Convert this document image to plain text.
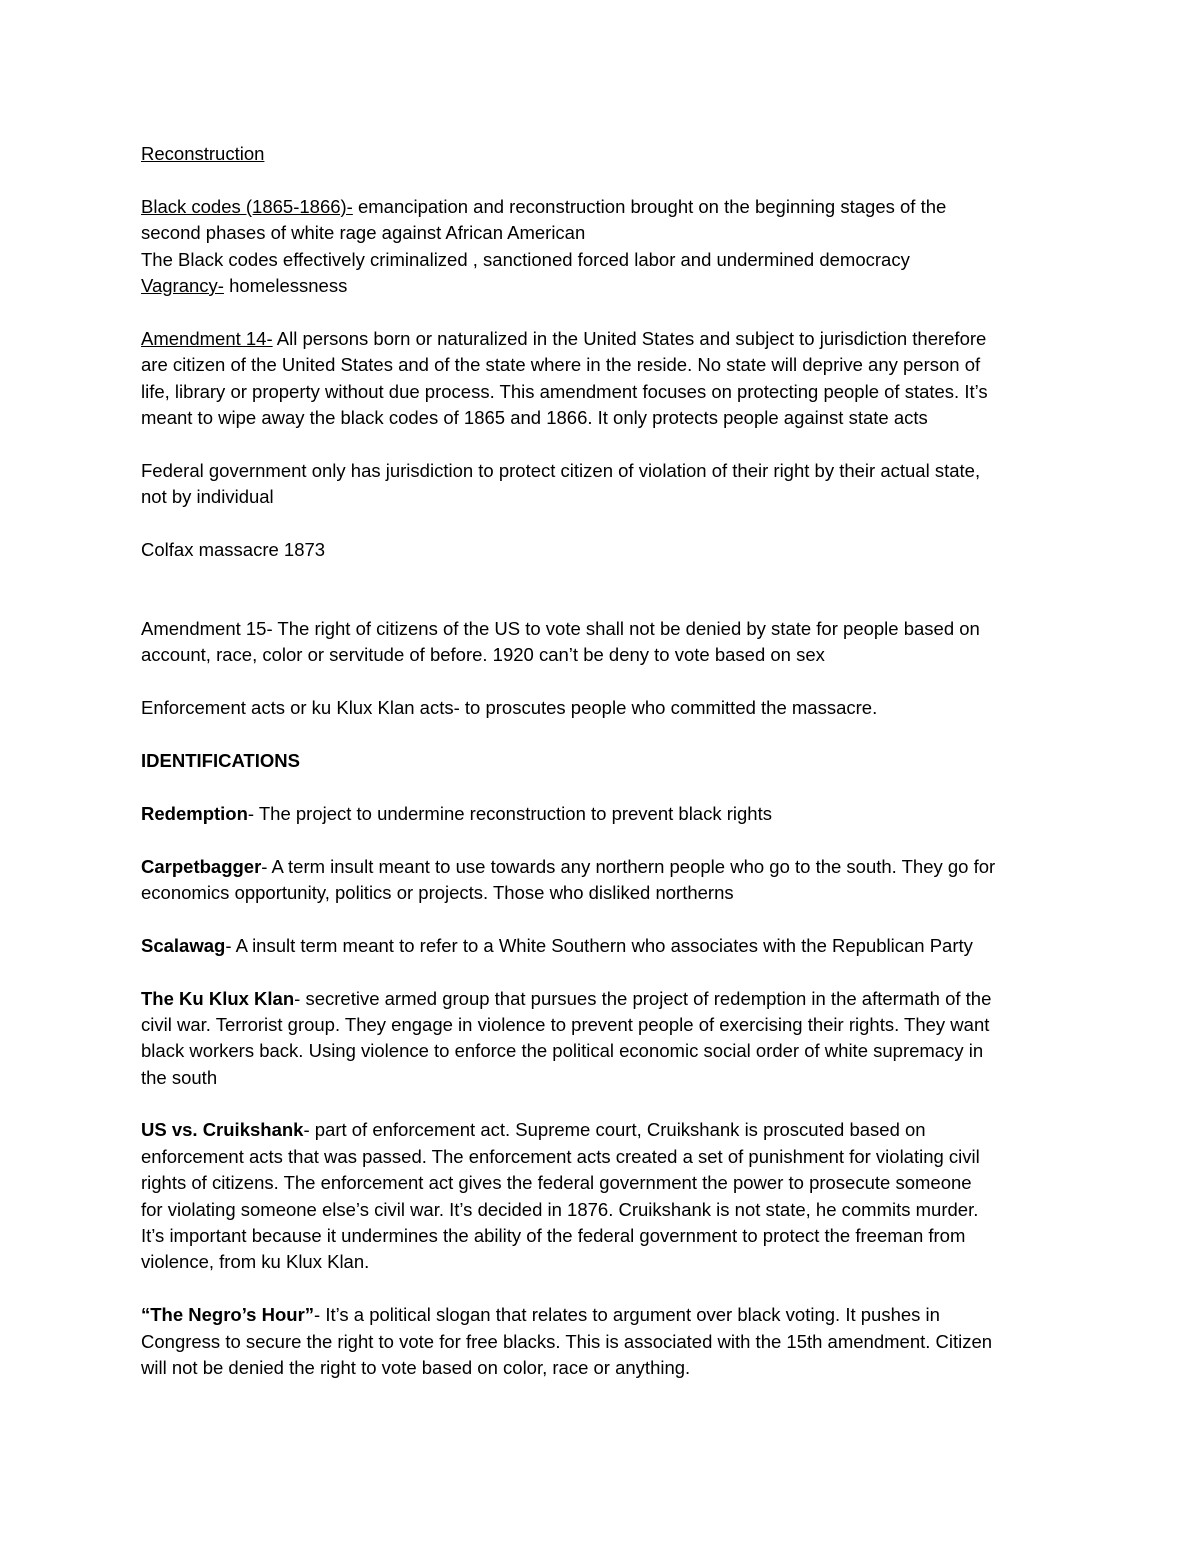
Reconstruction
Black codes (1865-1866)- emancipation and reconstruction brought on the beginning stages of the
second phases of white rage against African American
The Black codes effectively criminalized , sanctioned forced labor and undermined democracy
Vagrancy- homelessness
Amendment 14- All persons born or naturalized in the United States and subject to jurisdiction therefore
are citizen of the United States and of the state where in the reside. No state will deprive any person of
life, library or property without due process. This amendment focuses on protecting people of states. It’s
meant to wipe away the black codes of 1865 and 1866. It only protects people against state acts
Federal government only has jurisdiction to protect citizen of violation of their right by their actual state,
not by individual
Colfax massacre 1873
Amendment 15- The right of citizens of the US to vote shall not be denied by state for people based on
account, race, color or servitude of before. 1920 can’t be deny to vote based on sex
Enforcement acts or ku Klux Klan acts- to proscutes people who committed the massacre.
IDENTIFICATIONS
Redemption- The project to undermine reconstruction to prevent black rights
Carpetbagger- A term insult meant to use towards any northern people who go to the south. They go for
economics opportunity, politics or projects. Those who disliked northerns
Scalawag- A insult term meant to refer to a White Southern who associates with the Republican Party
The Ku Klux Klan- secretive armed group that pursues the project of redemption in the aftermath of the
civil war. Terrorist group. They engage in violence to prevent people of exercising their rights. They want
black workers back. Using violence to enforce the political economic social order of white supremacy in
the south
US vs. Cruikshank- part of enforcement act. Supreme court, Cruikshank is proscuted based on
enforcement acts that was passed. The enforcement acts created a set of punishment for violating civil
rights of citizens. The enforcement act gives the federal government the power to prosecute someone
for violating someone else’s civil war. It’s decided in 1876. Cruikshank is not state, he commits murder.
It’s important because it undermines the ability of the federal government to protect the freeman from
violence, from ku Klux Klan.
“The Negro’s Hour”- It’s a political slogan that relates to argument over black voting. It pushes in
Congress to secure the right to vote for free blacks. This is associated with the 15th amendment. Citizen
will not be denied the right to vote based on color, race or anything.
